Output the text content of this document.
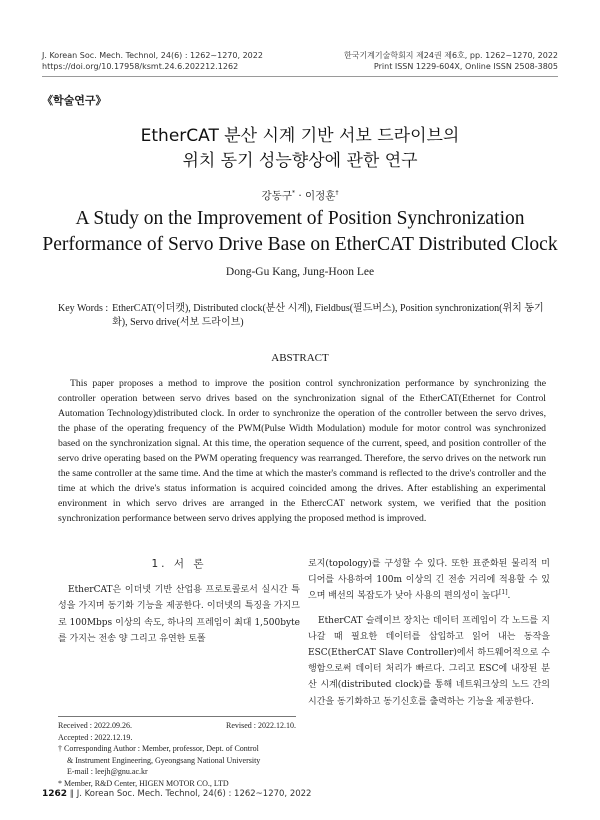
J. Korean Soc. Mech. Technol, 24(6) : 1262~1270, 2022
https://doi.org/10.17958/ksmt.24.6.202212.1262
한국기계기술학회지 제24권 제6호, pp. 1262~1270, 2022
Print ISSN 1229-604X, Online ISSN 2508-3805
《학술연구》
EtherCAT 분산 시계 기반 서보 드라이브의
위치 동기 성능향상에 관한 연구
강동구* · 이정훈†
A Study on the Improvement of Position Synchronization
Performance of Servo Drive Base on EtherCAT Distributed Clock
Dong-Gu Kang, Jung-Hoon Lee
Key Words : EtherCAT(이더캣), Distributed clock(분산 시계), Fieldbus(필드버스), Position synchronization(위치 동기화), Servo drive(서보 드라이브)
ABSTRACT

This paper proposes a method to improve the position control synchronization performance by synchronizing the controller operation between servo drives based on the synchronization signal of the EtherCAT(Ethernet for Control Automation Technology)distributed clock. In order to synchronize the operation of the controller between the servo drives, the phase of the operating frequency of the PWM(Pulse Width Modulation) module for motor control was synchronized based on the synchronization signal. At this time, the operation sequence of the current, speed, and position controller of the servo drive operating based on the PWM operating frequency was rearranged. Therefore, the servo drives on the network run the same controller at the same time. And the time at which the master's command is reflected to the drive's controller and the time at which the drive's status information is acquired coincided among the drives. After establishing an experimental environment in which servo drives are arranged in the EthercCAT network system, we verified that the position synchronization performance between servo drives applying the proposed method is improved.

1. 서 론

EtherCAT은 이더넷 기반 산업용 프로토콜로서 실시간 특성을 가지며 동기화 기능을 제공한다. 이더넷의 특징을 가지므로 100Mbps 이상의 속도, 하나의 프레임이 최대 1,500byte를 가지는 전송 양 그리고 유연한 토폴

로지(topology)를 구성할 수 있다. 또한 표준화된 물리적 미디어를 사용하여 100m 이상의 긴 전송 거리에 적용할 수 있으며 배선의 복잡도가 낮아 사용의 편의성이 높다[1].

EtherCAT 슬레이브 장치는 데이터 프레임이 각 노드를 지나갈 때 필요한 데이터를 삽입하고 읽어 내는 동작을 ESC(EtherCAT Slave Controller)에서 하드웨어적으로 수행함으로써 데이터 처리가 빠르다. 그리고 ESC에 내장된 분산 시계(distributed clock)를 통해 네트워크상의 노드 간의 시간을 동기화하고 동기신호를 출력하는 기능을 제공한다.

Received : 2022.09.26.	Revised : 2022.12.10.
Accepted : 2022.12.19.
† Corresponding Author : Member, professor, Dept. of Control
& Instrument Engineering, Gyeongsang National University
E-mail : leejh@gnu.ac.kr
* Member, R&D Center, HIGEN MOTOR CO., LTD
1262 ∥ J. Korean Soc. Mech. Technol, 24(6) : 1262~1270, 2022
